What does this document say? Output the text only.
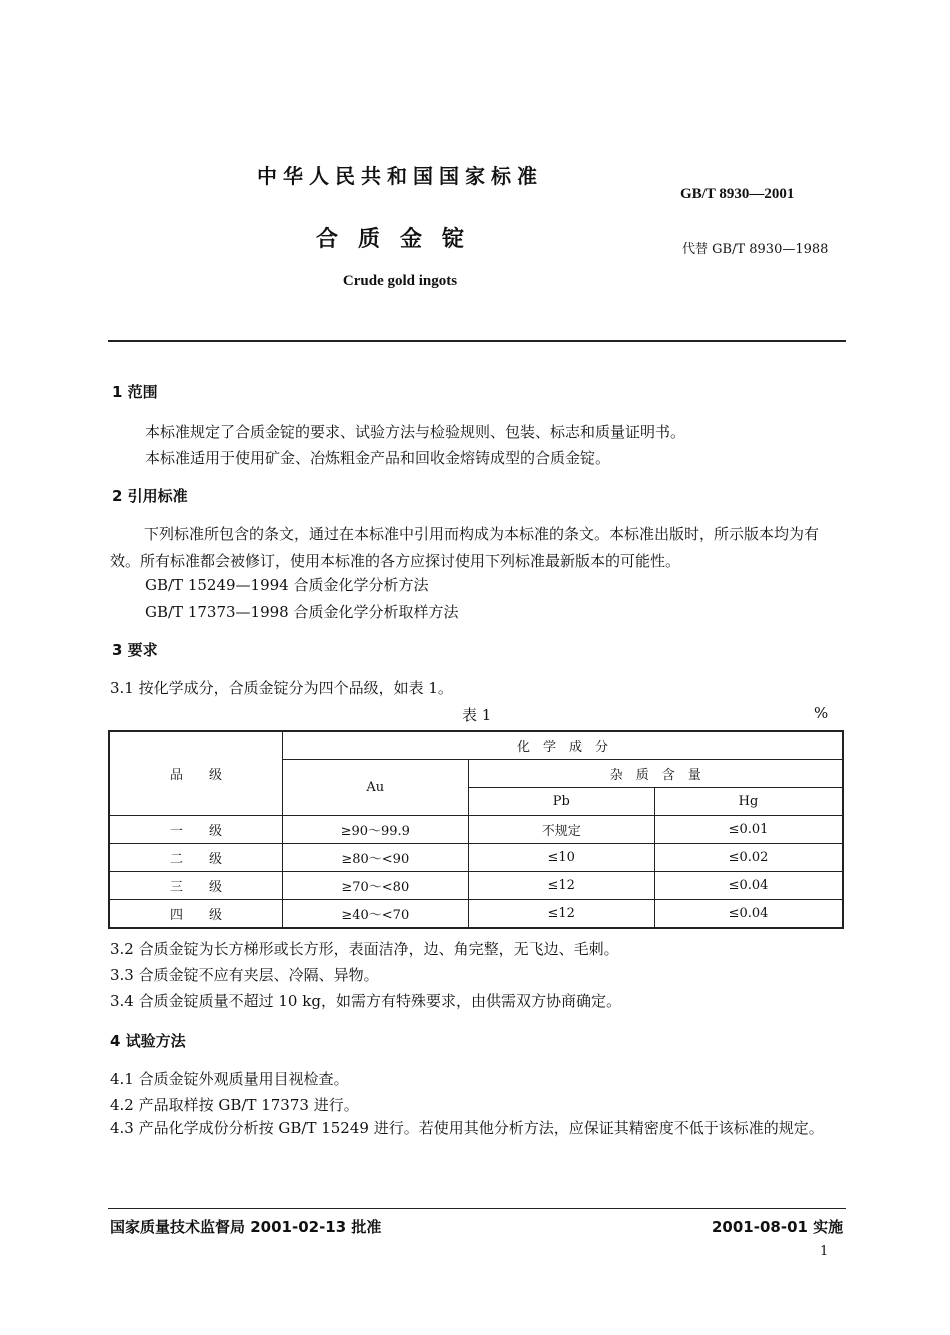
中华人民共和国国家标准
GB/T 8930—2001
合质金锭	代替 GB/T 8930—1988
Crude gold ingots
1 范围
本标准规定了合质金锭的要求、试验方法与检验规则、包装、标志和质量证明书。
本标准适用于使用矿金、冶炼粗金产品和回收金熔铸成型的合质金锭。
2 引用标准
下列标准所包含的条文，通过在本标准中引用而构成为本标准的条文。本标准出版时，所示版本均为有效。所有标准都会被修订，使用本标准的各方应探讨使用下列标准最新版本的可能性。
GB/T 15249—1994 合质金化学分析方法
GB/T 17373—1998 合质金化学分析取样方法
3 要求
3.1 按化学成分，合质金锭分为四个品级，如表 1。
表 1	%
品　　级	化　学　成　分		
	Au	杂　质　含　量	
		Pb	Hg
一　　级	≥90～99.9	不规定	≤0.01
二　　级	≥80～<90	≤10	≤0.02
三　　级	≥70～<80	≤12	≤0.04
四　　级	≥40～<70	≤12	≤0.04
3.2 合质金锭为长方梯形或长方形，表面洁净，边、角完整，无飞边、毛刺。
3.3 合质金锭不应有夹层、冷隔、异物。
3.4 合质金锭质量不超过 10 kg，如需方有特殊要求，由供需双方协商确定。
4 试验方法
4.1 合质金锭外观质量用目视检查。
4.2 产品取样按 GB/T 17373 进行。
4.3 产品化学成份分析按 GB/T 15249 进行。若使用其他分析方法，应保证其精密度不低于该标准的规定。
国家质量技术监督局 2001-02-13 批准	2001-08-01 实施
1
